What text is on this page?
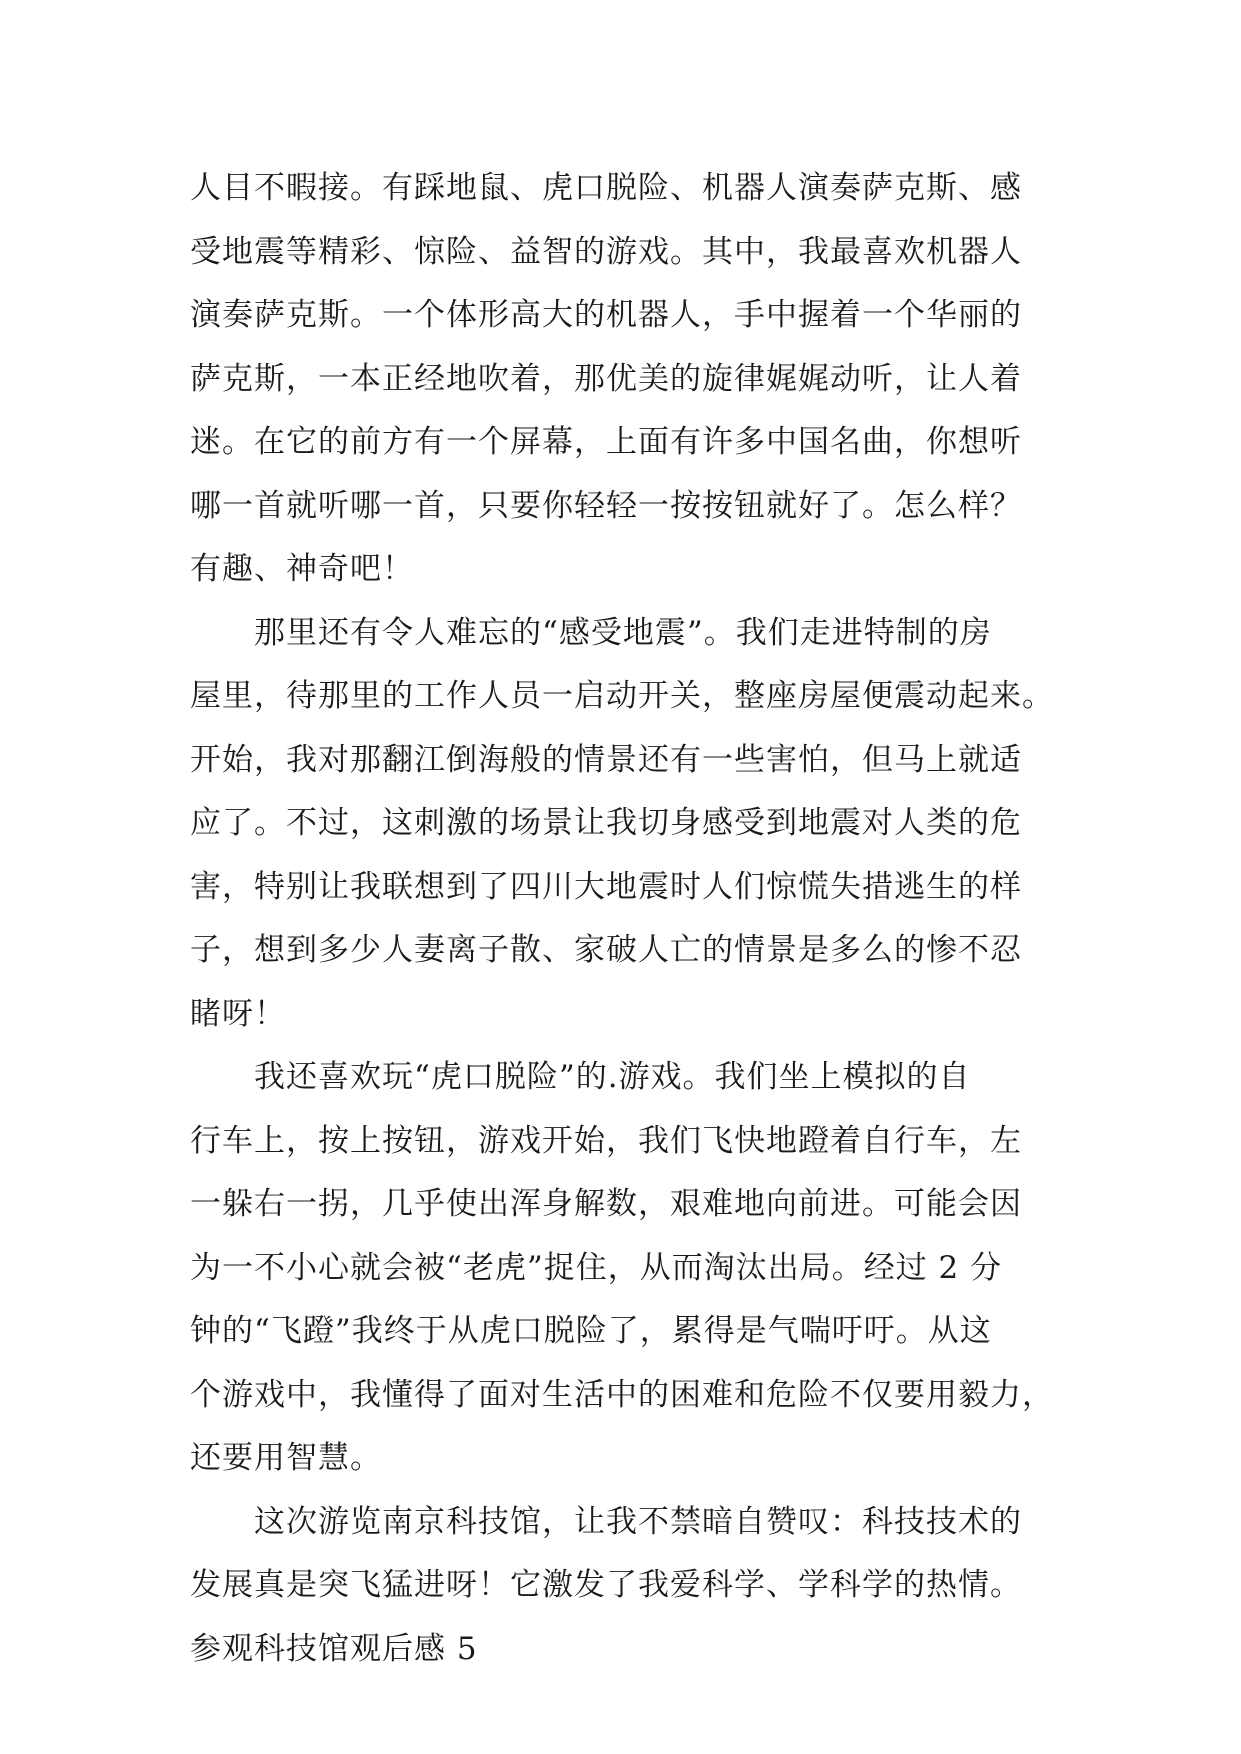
人目不暇接。有踩地鼠、虎口脱险、机器人演奏萨克斯、感
受地震等精彩、惊险、益智的游戏。其中，我最喜欢机器人
演奏萨克斯。一个体形高大的机器人，手中握着一个华丽的
萨克斯，一本正经地吹着，那优美的旋律娓娓动听，让人着
迷。在它的前方有一个屏幕，上面有许多中国名曲，你想听
哪一首就听哪一首，只要你轻轻一按按钮就好了。怎么样？
有趣、神奇吧！
　　那里还有令人难忘的“感受地震”。我们走进特制的房
屋里，待那里的工作人员一启动开关，整座房屋便震动起来。
开始，我对那翻江倒海般的情景还有一些害怕，但马上就适
应了。不过，这刺激的场景让我切身感受到地震对人类的危
害，特别让我联想到了四川大地震时人们惊慌失措逃生的样
子，想到多少人妻离子散、家破人亡的情景是多么的惨不忍
睹呀！
　　我还喜欢玩“虎口脱险”的.游戏。我们坐上模拟的自
行车上，按上按钮，游戏开始，我们飞快地蹬着自行车，左
一躲右一拐，几乎使出浑身解数，艰难地向前进。可能会因
为一不小心就会被“老虎”捉住，从而淘汰出局。经过 2 分
钟的“飞蹬”我终于从虎口脱险了，累得是气喘吁吁。从这
个游戏中，我懂得了面对生活中的困难和危险不仅要用毅力，
还要用智慧。
　　这次游览南京科技馆，让我不禁暗自赞叹：科技技术的
发展真是突飞猛进呀！它激发了我爱科学、学科学的热情。
参观科技馆观后感 5
